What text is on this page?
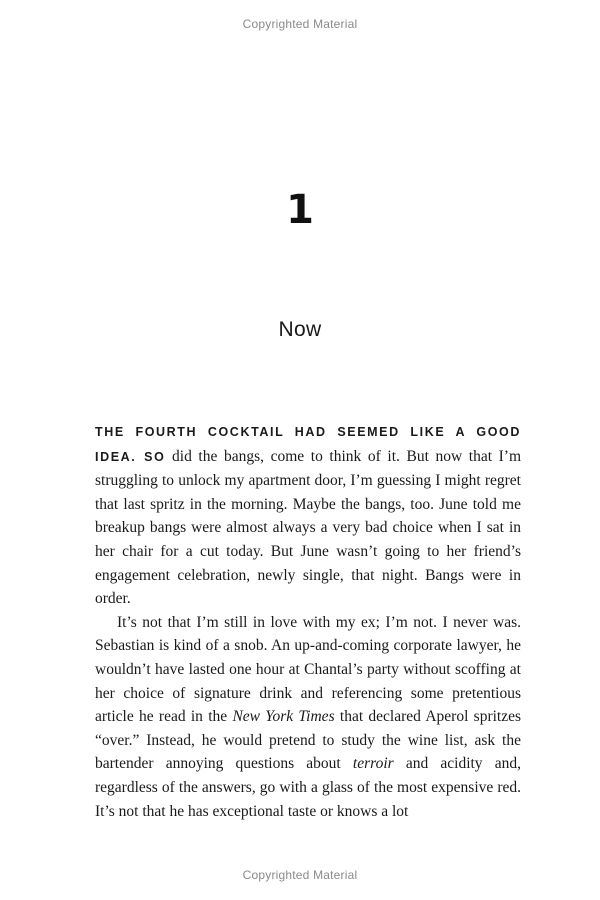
Copyrighted Material
1
Now

THE FOURTH COCKTAIL HAD SEEMED LIKE A GOOD IDEA. SO did the bangs, come to think of it. But now that I’m struggling to unlock my apartment door, I’m guessing I might regret that last spritz in the morning. Maybe the bangs, too. June told me breakup bangs were almost always a very bad choice when I sat in her chair for a cut today. But June wasn’t going to her friend’s engagement celebration, newly single, that night. Bangs were in order.

It’s not that I’m still in love with my ex; I’m not. I never was. Sebastian is kind of a snob. An up-and-coming corporate lawyer, he wouldn’t have lasted one hour at Chantal’s party without scoffing at her choice of signature drink and referencing some pretentious article he read in the New York Times that declared Aperol spritzes “over.” Instead, he would pretend to study the wine list, ask the bartender annoying questions about terroir and acidity and, regardless of the answers, go with a glass of the most expensive red. It’s not that he has exceptional taste or knows a lot

Copyrighted Material
